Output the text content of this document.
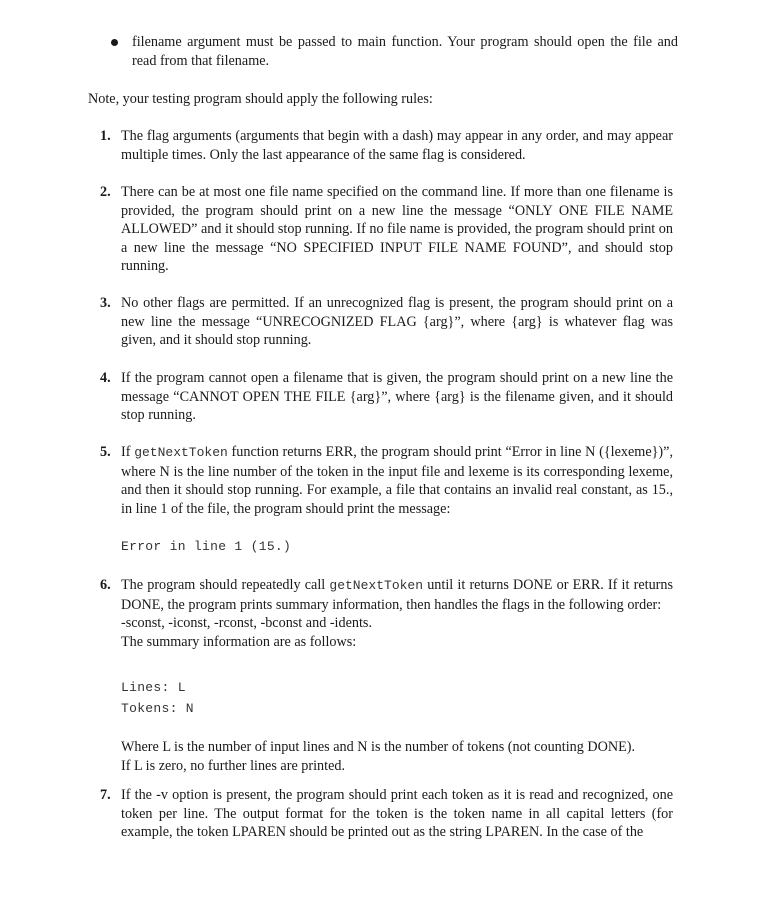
filename argument must be passed to main function. Your program should open the file and read from that filename.
Note, your testing program should apply the following rules:
1. The flag arguments (arguments that begin with a dash) may appear in any order, and may appear multiple times. Only the last appearance of the same flag is considered.
2. There can be at most one file name specified on the command line. If more than one filename is provided, the program should print on a new line the message “ONLY ONE FILE NAME ALLOWED” and it should stop running. If no file name is provided, the program should print on a new line the message “NO SPECIFIED INPUT FILE NAME FOUND”, and should stop running.
3. No other flags are permitted. If an unrecognized flag is present, the program should print on a new line the message “UNRECOGNIZED FLAG {arg}”, where {arg} is whatever flag was given, and it should stop running.
4. If the program cannot open a filename that is given, the program should print on a new line the message “CANNOT OPEN THE FILE {arg}”, where {arg} is the filename given, and it should stop running.
5. If getNextToken function returns ERR, the program should print “Error in line N ({lexeme})”, where N is the line number of the token in the input file and lexeme is its corresponding lexeme, and then it should stop running. For example, a file that contains an invalid real constant, as 15., in line 1 of the file, the program should print the message:
Error in line 1 (15.)
6. The program should repeatedly call getNextToken until it returns DONE or ERR. If it returns DONE, the program prints summary information, then handles the flags in the following order:

-sconst, -iconst, -rconst, -bconst and -idents.

The summary information are as follows:

Lines: L
Tokens: N

Where L is the number of input lines and N is the number of tokens (not counting DONE).

If L is zero, no further lines are printed.

7. If the -v option is present, the program should print each token as it is read and recognized, one token per line. The output format for the token is the token name in all capital letters (for example, the token LPAREN should be printed out as the string LPAREN. In the case of the
